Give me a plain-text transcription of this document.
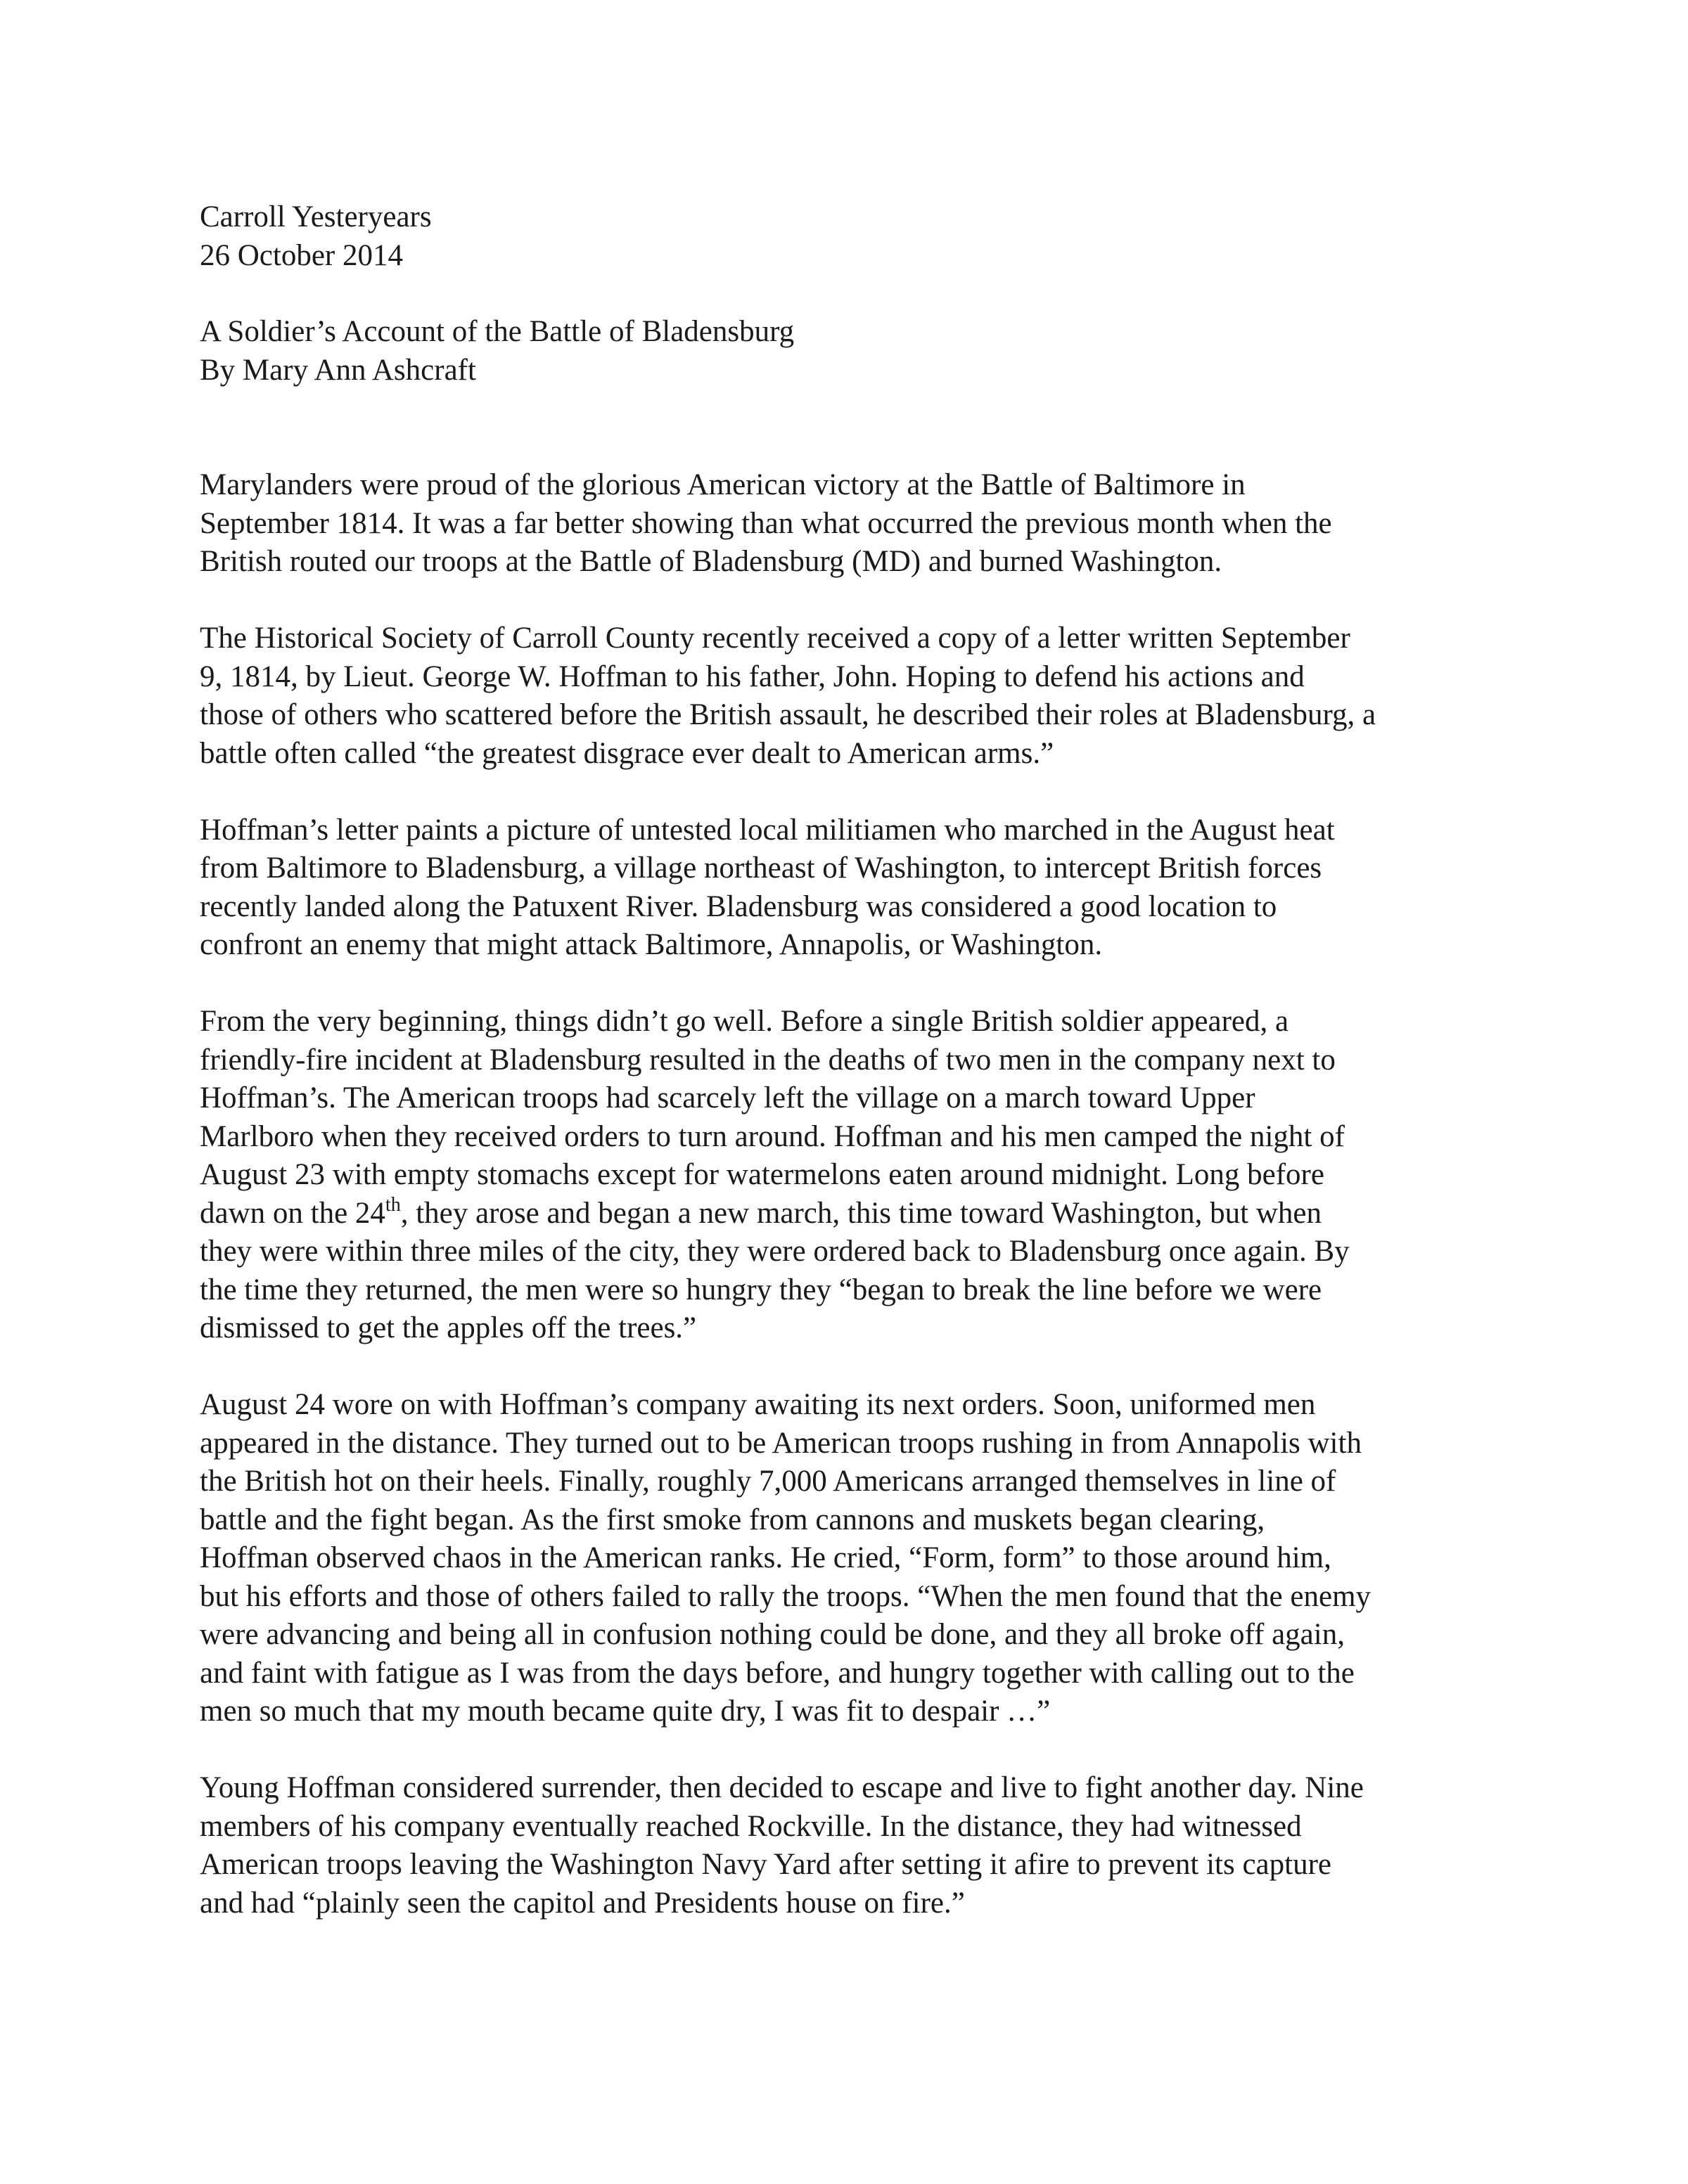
Carroll Yesteryears
26 October 2014
A Soldier’s Account of the Battle of Bladensburg
By Mary Ann Ashcraft
Marylanders were proud of the glorious American victory at the Battle of Baltimore in
September 1814. It was a far better showing than what occurred the previous month when the
British routed our troops at the Battle of Bladensburg (MD) and burned Washington.
The Historical Society of Carroll County recently received a copy of a letter written September
9, 1814, by Lieut. George W. Hoffman to his father, John. Hoping to defend his actions and
those of others who scattered before the British assault, he described their roles at Bladensburg, a
battle often called “the greatest disgrace ever dealt to American arms.”
Hoffman’s letter paints a picture of untested local militiamen who marched in the August heat
from Baltimore to Bladensburg, a village northeast of Washington, to intercept British forces
recently landed along the Patuxent River. Bladensburg was considered a good location to
confront an enemy that might attack Baltimore, Annapolis, or Washington.
From the very beginning, things didn’t go well. Before a single British soldier appeared, a
friendly-fire incident at Bladensburg resulted in the deaths of two men in the company next to
Hoffman’s. The American troops had scarcely left the village on a march toward Upper
Marlboro when they received orders to turn around. Hoffman and his men camped the night of
August 23 with empty stomachs except for watermelons eaten around midnight. Long before
dawn on the 24th, they arose and began a new march, this time toward Washington, but when
they were within three miles of the city, they were ordered back to Bladensburg once again. By
the time they returned, the men were so hungry they “began to break the line before we were
dismissed to get the apples off the trees.”
August 24 wore on with Hoffman’s company awaiting its next orders. Soon, uniformed men
appeared in the distance. They turned out to be American troops rushing in from Annapolis with
the British hot on their heels. Finally, roughly 7,000 Americans arranged themselves in line of
battle and the fight began. As the first smoke from cannons and muskets began clearing,
Hoffman observed chaos in the American ranks. He cried, “Form, form” to those around him,
but his efforts and those of others failed to rally the troops. “When the men found that the enemy
were advancing and being all in confusion nothing could be done, and they all broke off again,
and faint with fatigue as I was from the days before, and hungry together with calling out to the
men so much that my mouth became quite dry, I was fit to despair …”
Young Hoffman considered surrender, then decided to escape and live to fight another day. Nine
members of his company eventually reached Rockville. In the distance, they had witnessed
American troops leaving the Washington Navy Yard after setting it afire to prevent its capture
and had “plainly seen the capitol and Presidents house on fire.”
